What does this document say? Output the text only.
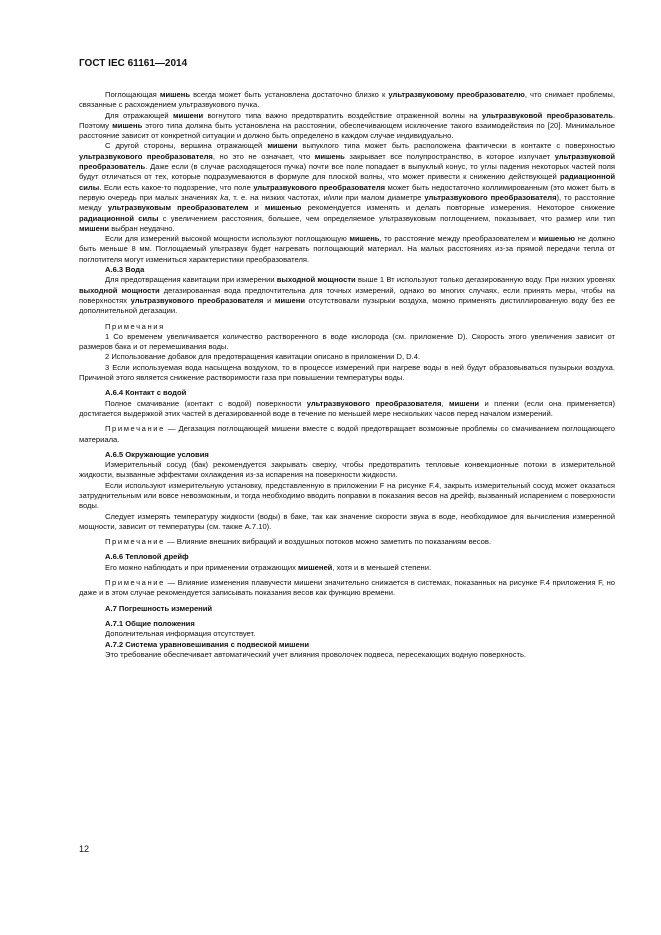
ГОСТ IEC 61161—2014

Поглощающая мишень всегда может быть установлена достаточно близко к ультразвуковому преобразователю, что снимает проблемы, связанные с расхождением ультразвукового пучка.

Для отражающей мишени вогнутого типа важно предотвратить воздействие отраженной волны на ультразвуковой преобразователь. Поэтому мишень этого типа должна быть установлена на расстоянии, обеспечивающем исключение такого взаимодействия по [20]. Минимальное расстояние зависит от конкретной ситуации и должно быть определено в каждом случае индивидуально.

С другой стороны, вершина отражающей мишени выпуклого типа может быть расположена фактически в контакте с поверхностью ультразвукового преобразователя, но это не означает, что мишень закрывает все полупространство, в которое излучает ультразвуковой преобразователь. Даже если (в случае расходящегося пучка) почти все поле попадает в выпуклый конус, то углы падения некоторых частей поля будут отличаться от тех, которые подразумеваются в формуле для плоской волны, что может привести к снижению действующей радиационной силы. Если есть какое-то подозрение, что поле ультразвукового преобразователя может быть недостаточно коллимированным (это может быть в первую очередь при малых значениях ka, т. е. на низких частотах, и/или при малом диаметре ультразвукового преобразователя), то расстояние между ультразвуковым преобразователем и мишенью рекомендуется изменять и делать повторные измерения. Некоторое снижение радиационной силы с увеличением расстояния, большее, чем определяемое ультразвуковым поглощением, показывает, что размер или тип мишени выбран неудачно.

Если для измерений высокой мощности используют поглощающую мишень, то расстояние между преобразователем и мишенью не должно быть меньше 8 мм. Поглощаемый ультразвук будет нагревать поглощающий материал. На малых расстояниях из-за прямой передачи тепла от поглотителя могут измениться характеристики преобразователя.

А.6.3 Вода

Для предотвращения кавитации при измерении выходной мощности выше 1 Вт используют только дегазированную воду. При низких уровнях выходной мощности дегазированная вода предпочтительна для точных измерений, однако во многих случаях, если принять меры, чтобы на поверхностях ультразвукового преобразователя и мишени отсутствовали пузырьки воздуха, можно применять дистиллированную воду без ее дополнительной дегазации.

Примечания

1 Со временем увеличивается количество растворенного в воде кислорода (см. приложение D). Скорость этого увеличения зависит от размеров бака и от перемешивания воды.

2 Использование добавок для предотвращения кавитации описано в приложении D, D.4.

3 Если используемая вода насыщена воздухом, то в процессе измерений при нагреве воды в ней будут образовываться пузырьки воздуха. Причиной этого является снижение растворимости газа при повышении температуры воды.

А.6.4 Контакт с водой

Полное смачивание (контакт с водой) поверхности ультразвукового преобразователя, мишени и пленки (если она применяется) достигается выдержкой этих частей в дегазированной воде в течение по меньшей мере нескольких часов перед началом измерений.

Примечание — Дегазация поглощающей мишени вместе с водой предотвращает возможные проблемы со смачиванием поглощающего материала.

А.6.5 Окружающие условия

Измерительный сосуд (бак) рекомендуется закрывать сверху, чтобы предотвратить тепловые конвекционные потоки в измерительной жидкости, вызванные эффектами охлаждения из-за испарения на поверхности жидкости.

Если используют измерительную установку, представленную в приложении F на рисунке F.4, закрыть измерительный сосуд может оказаться затруднительным или вовсе невозможным, и тогда необходимо вводить поправки в показания весов на дрейф, вызванный испарением с поверхности воды.

Следует измерять температуру жидкости (воды) в баке, так как значение скорости звука в воде, необходимое для вычисления измеренной мощности, зависит от температуры (см. также А.7.10).

Примечание — Влияние внешних вибраций и воздушных потоков можно заметить по показаниям весов.

А.6.6 Тепловой дрейф

Его можно наблюдать и при применении отражающих мишеней, хотя и в меньшей степени.

Примечание — Влияние изменения плавучести мишени значительно снижается в системах, показанных на рисунке F.4 приложения F, но даже и в этом случае рекомендуется записывать показания весов как функцию времени.

А.7 Погрешность измерений
А.7.1 Общие положения

Дополнительная информация отсутствует.

А.7.2 Система уравновешивания с подвеской мишени

Это требование обеспечивает автоматический учет влияния проволочек подвеса, пересекающих водную поверхность.

12
